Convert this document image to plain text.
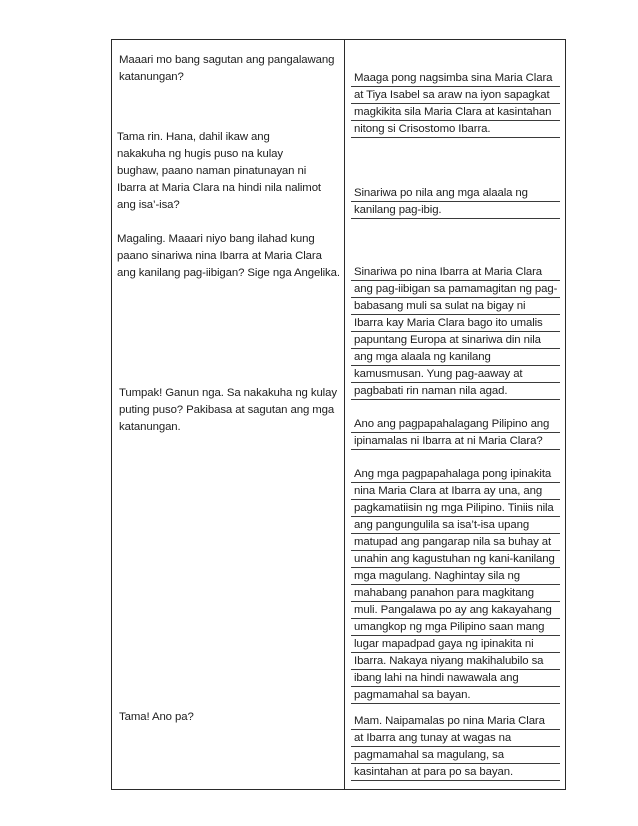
Maaari mo bang sagutan ang pangalawang
katanungan?
Tama rin. Hana, dahil ikaw ang
nakakuha ng hugis puso na kulay
bughaw, paano naman pinatunayan ni
Ibarra at Maria Clara na hindi nila nalimot
ang isa’-isa?
Magaling. Maaari niyo bang ilahad kung
paano sinariwa nina Ibarra at Maria Clara
ang kanilang pag-iibigan? Sige nga Angelika.
Tumpak! Ganun nga. Sa nakakuha ng kulay
puting puso? Pakibasa at sagutan ang mga
katanungan.
Tama! Ano pa?
Maaga pong nagsimba sina Maria Clara
at Tiya Isabel sa araw na iyon sapagkat
magkikita sila Maria Clara at kasintahan
nitong si Crisostomo Ibarra.
Sinariwa po nila ang mga alaala ng
kanilang pag-ibig.
Sinariwa po nina Ibarra at Maria Clara
ang pag-iibigan sa pamamagitan ng pag-
babasang muli sa sulat na bigay ni
Ibarra kay Maria Clara bago ito umalis
papuntang Europa at sinariwa din nila
ang mga alaala ng kanilang
kamusmusan. Yung pag-aaway at
pagbabati rin naman nila agad.
Ano ang pagpapahalagang Pilipino ang
ipinamalas ni Ibarra at ni Maria Clara?
Ang mga pagpapahalaga pong ipinakita
nina Maria Clara at Ibarra ay una, ang
pagkamatiisin ng mga Pilipino. Tiniis nila
ang pangungulila sa isa’t-isa upang
matupad ang pangarap nila sa buhay at
unahin ang kagustuhan ng kani-kanilang
mga magulang. Naghintay sila ng
mahabang panahon para magkitang
muli. Pangalawa po ay ang kakayahang
umangkop ng mga Pilipino saan mang
lugar mapadpad gaya ng ipinakita ni
Ibarra. Nakaya niyang makihalubilo sa
ibang lahi na hindi nawawala ang
pagmamahal sa bayan.
Mam. Naipamalas po nina Maria Clara
at Ibarra ang tunay at wagas na
pagmamahal sa magulang, sa
kasintahan at para po sa bayan.
